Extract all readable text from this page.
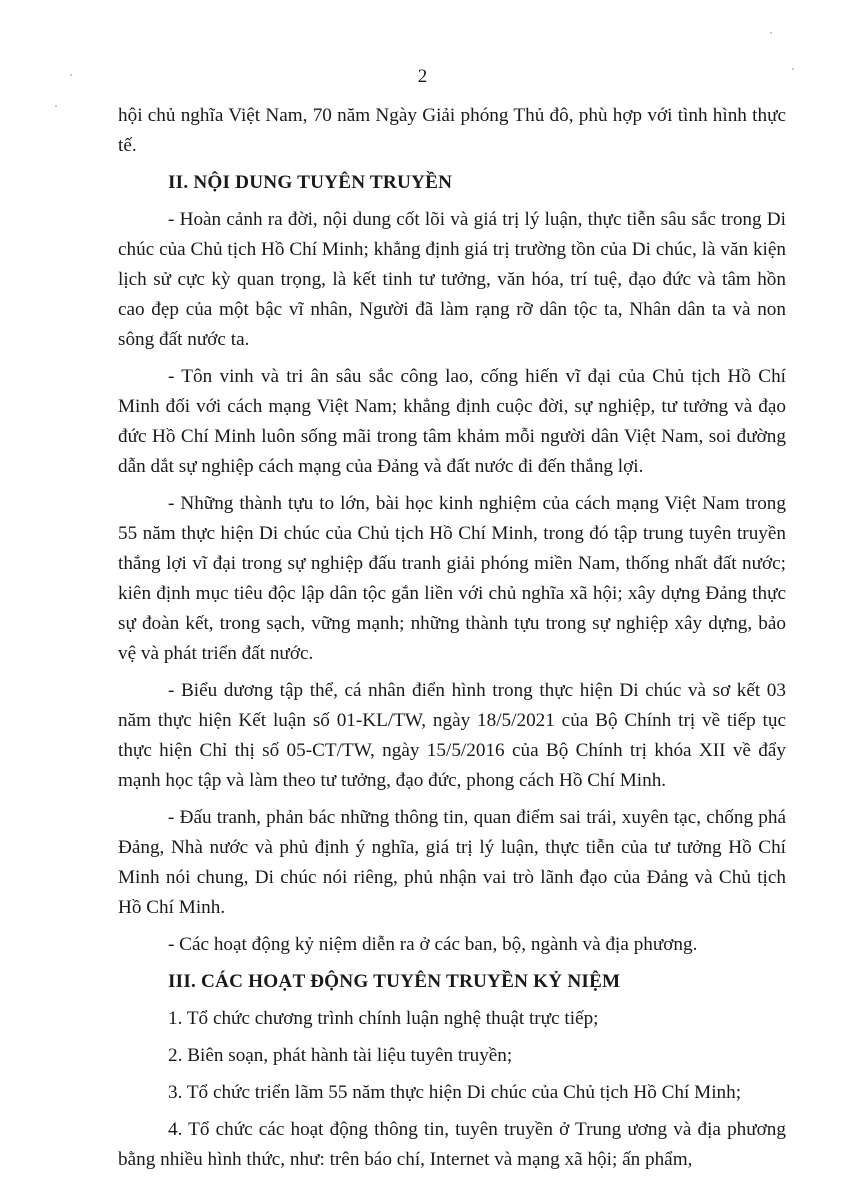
2

hội chủ nghĩa Việt Nam, 70 năm Ngày Giải phóng Thủ đô, phù hợp với tình hình thực tế.

II. NỘI DUNG TUYÊN TRUYỀN

- Hoàn cảnh ra đời, nội dung cốt lõi và giá trị lý luận, thực tiễn sâu sắc trong Di chúc của Chủ tịch Hồ Chí Minh; khẳng định giá trị trường tồn của Di chúc, là văn kiện lịch sử cực kỳ quan trọng, là kết tinh tư tưởng, văn hóa, trí tuệ, đạo đức và tâm hồn cao đẹp của một bậc vĩ nhân, Người đã làm rạng rỡ dân tộc ta, Nhân dân ta và non sông đất nước ta.

- Tôn vinh và tri ân sâu sắc công lao, cống hiến vĩ đại của Chủ tịch Hồ Chí Minh đối với cách mạng Việt Nam; khẳng định cuộc đời, sự nghiệp, tư tưởng và đạo đức Hồ Chí Minh luôn sống mãi trong tâm khảm mỗi người dân Việt Nam, soi đường dẫn dắt sự nghiệp cách mạng của Đảng và đất nước đi đến thắng lợi.

- Những thành tựu to lớn, bài học kinh nghiệm của cách mạng Việt Nam trong 55 năm thực hiện Di chúc của Chủ tịch Hồ Chí Minh, trong đó tập trung tuyên truyền thắng lợi vĩ đại trong sự nghiệp đấu tranh giải phóng miền Nam, thống nhất đất nước; kiên định mục tiêu độc lập dân tộc gắn liền với chủ nghĩa xã hội; xây dựng Đảng thực sự đoàn kết, trong sạch, vững mạnh; những thành tựu trong sự nghiệp xây dựng, bảo vệ và phát triển đất nước.

- Biểu dương tập thể, cá nhân điển hình trong thực hiện Di chúc và sơ kết 03 năm thực hiện Kết luận số 01-KL/TW, ngày 18/5/2021 của Bộ Chính trị về tiếp tục thực hiện Chỉ thị số 05-CT/TW, ngày 15/5/2016 của Bộ Chính trị khóa XII về đẩy mạnh học tập và làm theo tư tưởng, đạo đức, phong cách Hồ Chí Minh.

- Đấu tranh, phản bác những thông tin, quan điểm sai trái, xuyên tạc, chống phá Đảng, Nhà nước và phủ định ý nghĩa, giá trị lý luận, thực tiễn của tư tưởng Hồ Chí Minh nói chung, Di chúc nói riêng, phủ nhận vai trò lãnh đạo của Đảng và Chủ tịch Hồ Chí Minh.

- Các hoạt động kỷ niệm diễn ra ở các ban, bộ, ngành và địa phương.

III. CÁC HOẠT ĐỘNG TUYÊN TRUYỀN KỶ NIỆM

1. Tổ chức chương trình chính luận nghệ thuật trực tiếp;

2. Biên soạn, phát hành tài liệu tuyên truyền;

3. Tổ chức triển lãm 55 năm thực hiện Di chúc của Chủ tịch Hồ Chí Minh;

4. Tổ chức các hoạt động thông tin, tuyên truyền ở Trung ương và địa phương bằng nhiều hình thức, như: trên báo chí, Internet và mạng xã hội; ấn phẩm,
